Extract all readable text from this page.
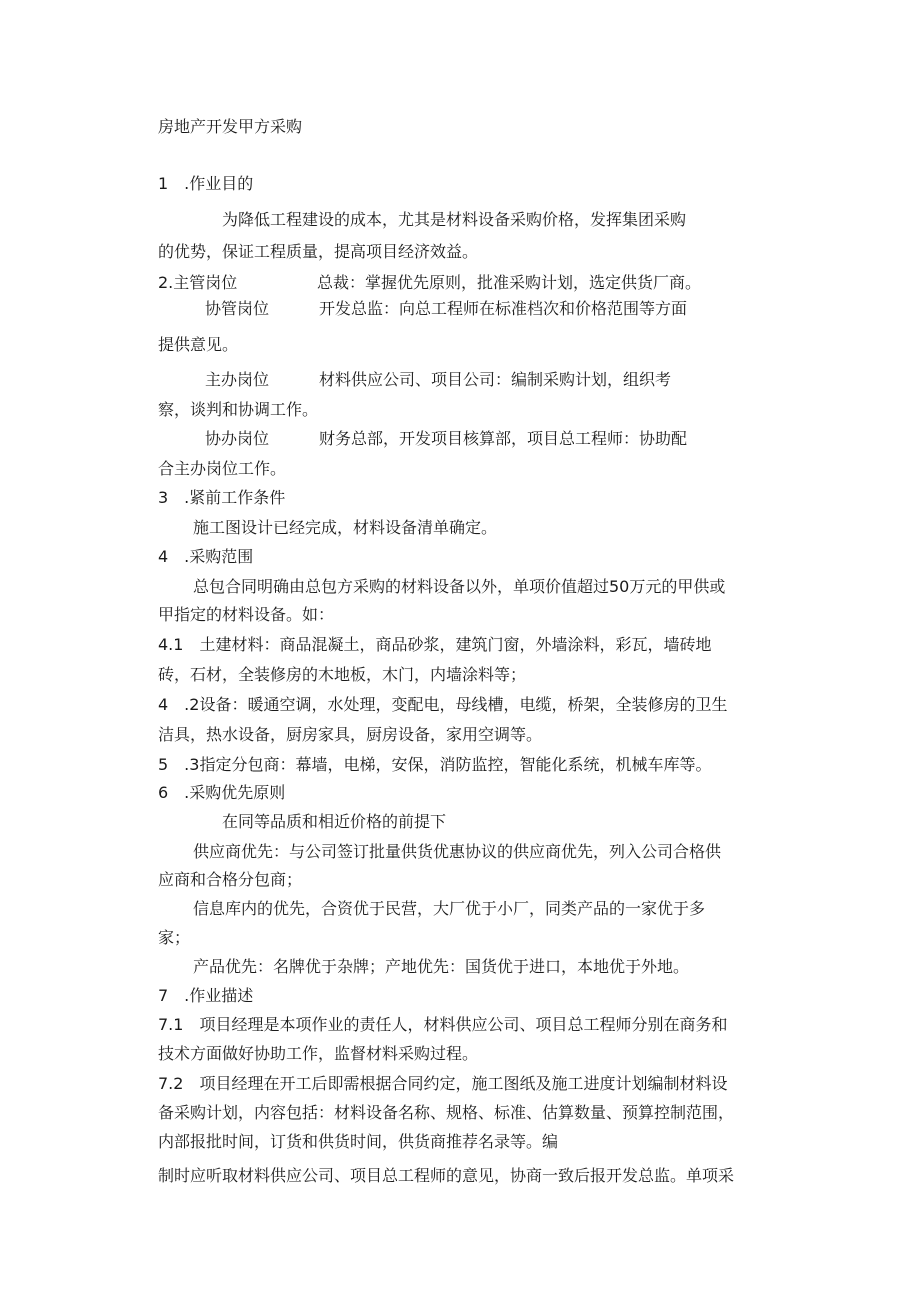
房地产开发甲方采购
1　.作业目的
为降低工程建设的成本，尤其是材料设备采购价格，发挥集团采购
的优势，保证工程质量，提高项目经济效益。
2.主管岗位	总裁：掌握优先原则，批准采购计划，选定供货厂商。
协管岗位	开发总监：向总工程师在标准档次和价格范围等方面
提供意见。
主办岗位	材料供应公司、项目公司：编制采购计划，组织考
察，谈判和协调工作。
协办岗位	财务总部，开发项目核算部，项目总工程师：协助配
合主办岗位工作。
3　.紧前工作条件
施工图设计已经完成，材料设备清单确定。
4　.采购范围
总包合同明确由总包方采购的材料设备以外，单项价值超过50万元的甲供或
甲指定的材料设备。如：
4.1　土建材料：商品混凝土，商品砂浆，建筑门窗，外墙涂料，彩瓦，墙砖地
砖，石材，全装修房的木地板，木门，内墙涂料等；
4　.2设备：暖通空调，水处理，变配电，母线槽，电缆，桥架，全装修房的卫生
洁具，热水设备，厨房家具，厨房设备，家用空调等。
5　.3指定分包商：幕墙，电梯，安保，消防监控，智能化系统，机械车库等。
6　.采购优先原则
在同等品质和相近价格的前提下
供应商优先：与公司签订批量供货优惠协议的供应商优先，列入公司合格供
应商和合格分包商；
信息库内的优先，合资优于民营，大厂优于小厂，同类产品的一家优于多
家；
产品优先：名牌优于杂牌；产地优先：国货优于进口，本地优于外地。
7　.作业描述
7.1　项目经理是本项作业的责任人，材料供应公司、项目总工程师分别在商务和
技术方面做好协助工作，监督材料采购过程。
7.2　项目经理在开工后即需根据合同约定，施工图纸及施工进度计划编制材料设
备采购计划，内容包括：材料设备名称、规格、标准、估算数量、预算控制范围，
内部报批时间，订货和供货时间，供货商推荐名录等。编
制时应听取材料供应公司、项目总工程师的意见，协商一致后报开发总监。单项采
